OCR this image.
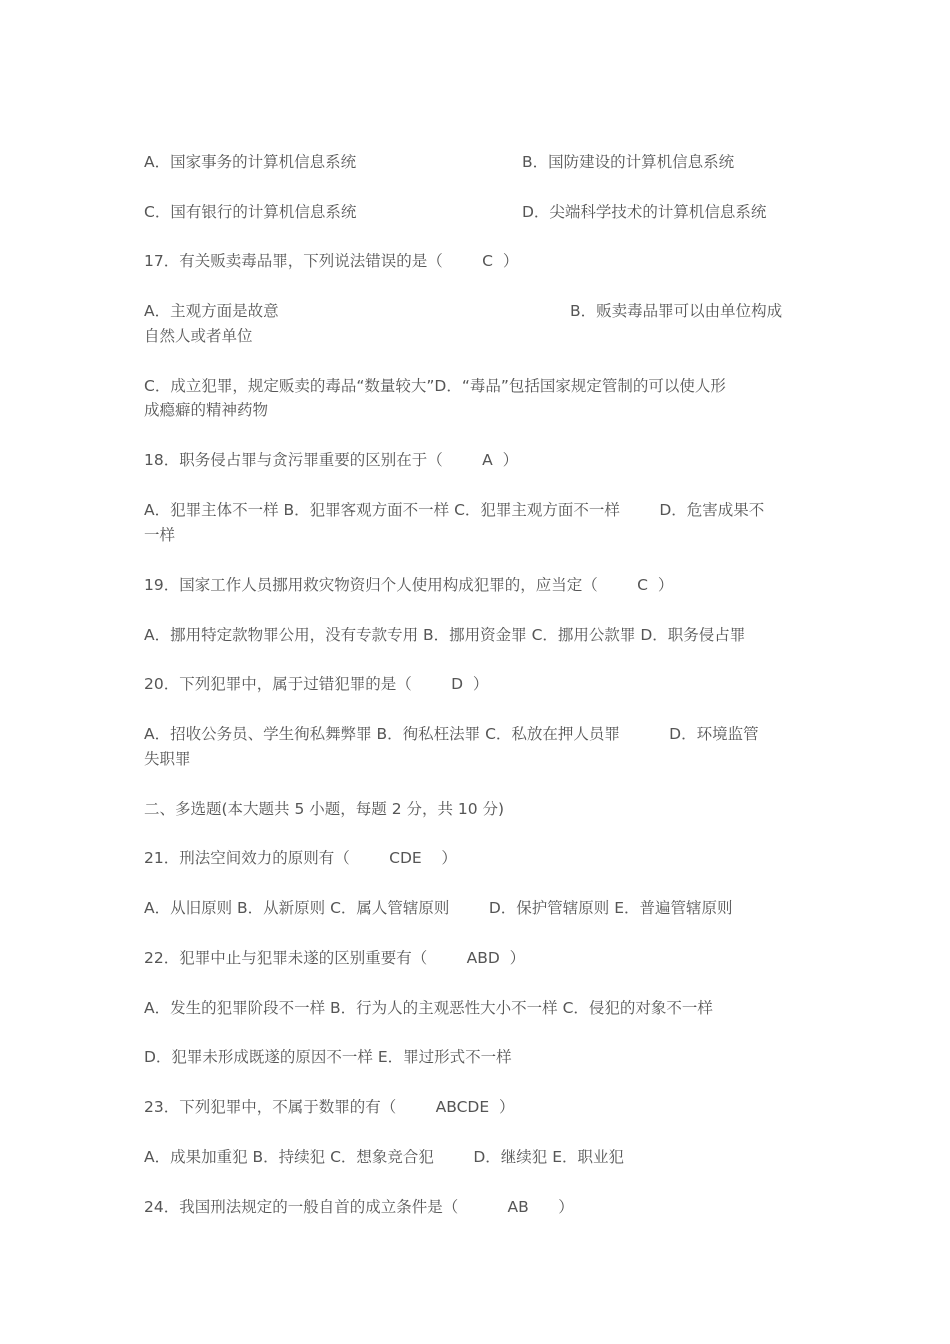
A．国家事务的计算机信息系统	B．国防建设的计算机信息系统
C．国有银行的计算机信息系统	D．尖端科学技术的计算机信息系统
17．有关贩卖毒品罪，下列说法错误的是（        C  ）
A．主观方面是故意	B．贩卖毒品罪可以由单位构成
自然人或者单位
C．成立犯罪，规定贩卖的毒品“数量较大”D．“毒品”包括国家规定管制的可以使人形
成瘾癖的精神药物
18．职务侵占罪与贪污罪重要的区别在于（        A  ）
A．犯罪主体不一样 B．犯罪客观方面不一样 C．犯罪主观方面不一样        D．危害成果不
一样
19．国家工作人员挪用救灾物资归个人使用构成犯罪的，应当定（        C  ）
A．挪用特定款物罪公用，没有专款专用 B．挪用资金罪 C．挪用公款罪 D．职务侵占罪
20．下列犯罪中，属于过错犯罪的是（        D  ）
A．招收公务员、学生徇私舞弊罪 B．徇私枉法罪 C．私放在押人员罪          D．环境监管
失职罪
二、多选题(本大题共 5 小题，每题 2 分，共 10 分)
21．刑法空间效力的原则有（        CDE    ）
A．从旧原则 B．从新原则 C．属人管辖原则        D．保护管辖原则 E．普遍管辖原则
22．犯罪中止与犯罪未遂的区别重要有（        ABD  ）
A．发生的犯罪阶段不一样 B．行为人的主观恶性大小不一样 C．侵犯的对象不一样
D．犯罪未形成既遂的原因不一样 E．罪过形式不一样
23．下列犯罪中，不属于数罪的有（        ABCDE  ）
A．成果加重犯 B．持续犯 C．想象竞合犯        D．继续犯 E．职业犯
24．我国刑法规定的一般自首的成立条件是（          AB      ）
